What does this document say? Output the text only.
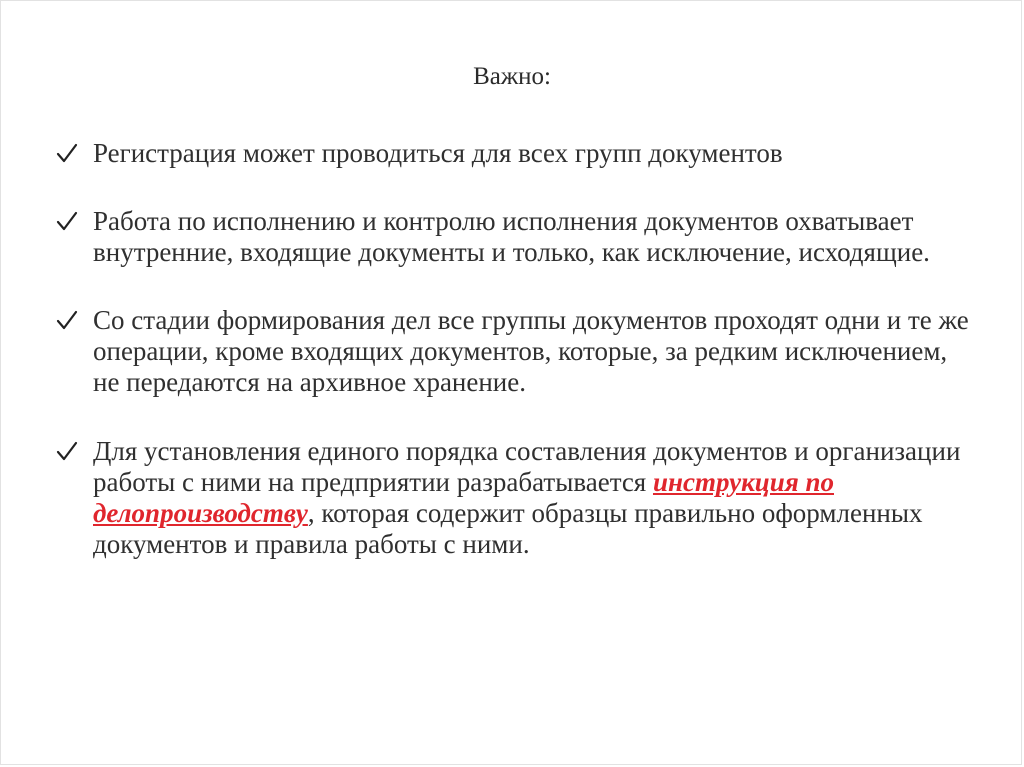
Важно:
Регистрация может проводиться для всех групп документов
Работа по исполнению и контролю исполнения документов охватывает внутренние, входящие документы и только, как исключение, исходящие.
Со стадии формирования дел все группы документов проходят одни и те же операции, кроме входящих документов, которые, за редким исключением, не передаются на архивное хранение.
Для установления единого порядка составления документов и организации работы с ними на предприятии разрабатывается инструкция по делопроизводству, которая содержит образцы правильно оформленных документов и правила работы с ними.
